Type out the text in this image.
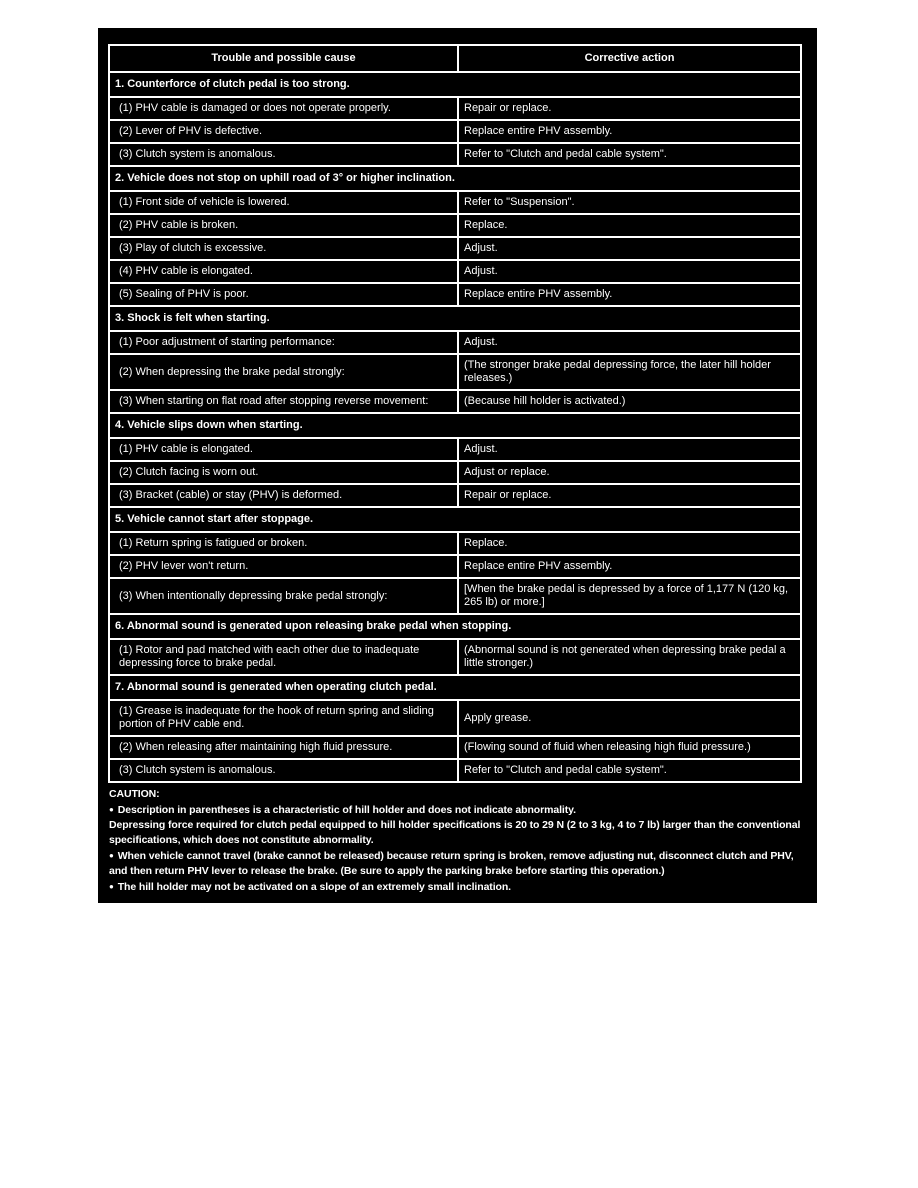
Trouble and possible cause	Corrective action
1. Counterforce of clutch pedal is too strong.	
(1) PHV cable is damaged or does not operate properly.	Repair or replace.
(2) Lever of PHV is defective.	Replace entire PHV assembly.
(3) Clutch system is anomalous.	Refer to "Clutch and pedal cable system".
2. Vehicle does not stop on uphill road of 3° or higher inclination.	
(1) Front side of vehicle is lowered.	Refer to "Suspension".
(2) PHV cable is broken.	Replace.
(3) Play of clutch is excessive.	Adjust.
(4) PHV cable is elongated.	Adjust.
(5) Sealing of PHV is poor.	Replace entire PHV assembly.
3. Shock is felt when starting.	
(1) Poor adjustment of starting performance:	Adjust.
(2) When depressing the brake pedal strongly:	(The stronger brake pedal depressing force, the later hill holder releases.)
(3) When starting on flat road after stopping reverse movement:	(Because hill holder is activated.)
4. Vehicle slips down when starting.	
(1) PHV cable is elongated.	Adjust.
(2) Clutch facing is worn out.	Adjust or replace.
(3) Bracket (cable) or stay (PHV) is deformed.	Repair or replace.
5. Vehicle cannot start after stoppage.	
(1) Return spring is fatigued or broken.	Replace.
(2) PHV lever won't return.	Replace entire PHV assembly.
(3) When intentionally depressing brake pedal strongly:	[When the brake pedal is depressed by a force of 1,177 N (120 kg, 265 lb) or more.]
6. Abnormal sound is generated upon releasing brake pedal when stopping.	
(1) Rotor and pad matched with each other due to inadequate depressing force to brake pedal.	(Abnormal sound is not generated when depressing brake pedal a little stronger.)
7. Abnormal sound is generated when operating clutch pedal.	
(1) Grease is inadequate for the hook of return spring and sliding portion of PHV cable end.	Apply grease.
(2) When releasing after maintaining high fluid pressure.	(Flowing sound of fluid when releasing high fluid pressure.)
(3) Clutch system is anomalous.	Refer to "Clutch and pedal cable system".
CAUTION:
● Description in parentheses is a characteristic of hill holder and does not indicate abnormality.
Depressing force required for clutch pedal equipped to hill holder specifications is 20 to 29 N (2 to 3 kg, 4 to 7 lb) larger than the conventional specifications, which does not constitute abnormality.
● When vehicle cannot travel (brake cannot be released) because return spring is broken, remove adjusting nut, disconnect clutch and PHV, and then return PHV lever to release the brake. (Be sure to apply the parking brake before starting this operation.)
● The hill holder may not be activated on a slope of an extremely small inclination.
